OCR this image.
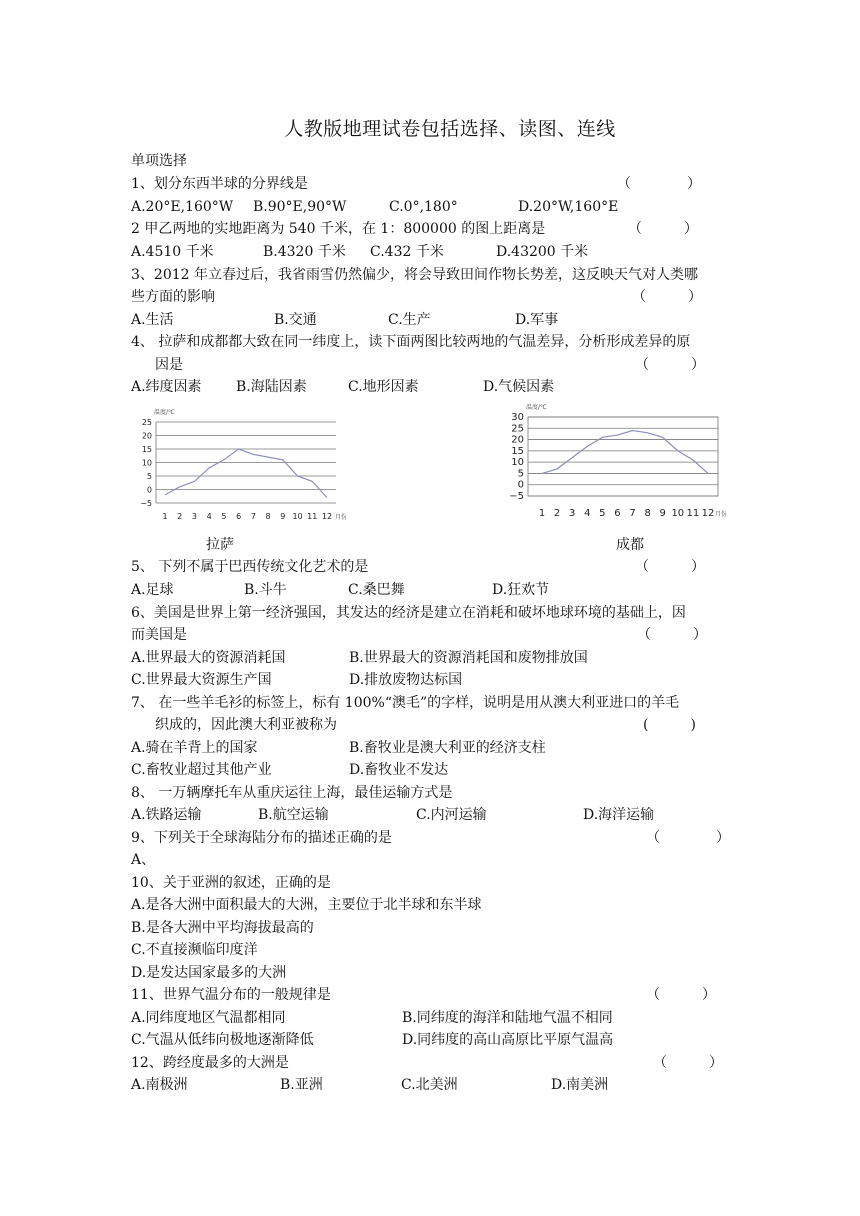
人教版地理试卷包括选择、读图、连线
单项选择
1、划分东西半球的分界线是	（　　　　）
A.20°E,160°W B.90°E,90°W	C.0°,180°	D.20°W,160°E
2 甲乙两地的实地距离为 540 千米，在 1：800000 的图上距离是	（　　　）
A.4510 千米	B.4320 千米 C.432 千米	D.43200 千米
3、2012 年立春过后，我省雨雪仍然偏少，将会导致田间作物长势差，这反映天气对人类哪
些方面的影响	（　　　）
A.生活	B.交通	C.生产	D.军事
4、 拉萨和成都都大致在同一纬度上，读下面两图比较两地的气温差异，分析形成差异的原
因是	（　　　）
A.纬度因素 B.海陆因素	C.地形因素	D.气候因素
温度/℃
25
20
15
10
5
0
−5
1 2 3 4 5 6 7 8 9 10 11 12 月份
温度/℃
30
25
20
15
10
5
0
−5
1 2 3 4 5 6 7 8 9 10 11 12 月份
拉萨	成都
5、 下列不属于巴西传统文化艺术的是	（　　　）
A.足球	B.斗牛	C.桑巴舞	D.狂欢节
6、美国是世界上第一经济强国，其发达的经济是建立在消耗和破坏地球环境的基础上，因
而美国是	（　　　）
A.世界最大的资源消耗国	B.世界最大的资源消耗国和废物排放国
C.世界最大资源生产国	D.排放废物达标国
7、 在一些羊毛衫的标签上，标有 100%“澳毛”的字样，说明是用从澳大利亚进口的羊毛
织成的，因此澳大利亚被称为	(　　　)
A.骑在羊背上的国家	B.畜牧业是澳大利亚的经济支柱
C.畜牧业超过其他产业	D.畜牧业不发达
8、 一万辆摩托车从重庆运往上海，最佳运输方式是
A.铁路运输	B.航空运输	C.内河运输	D.海洋运输
9、下列关于全球海陆分布的描述正确的是	（　　　　）
A、
10、关于亚洲的叙述，正确的是
A.是各大洲中面积最大的大洲，主要位于北半球和东半球
B.是各大洲中平均海拔最高的
C.不直接濒临印度洋
D.是发达国家最多的大洲
11、世界气温分布的一般规律是	（　　　）
A.同纬度地区气温都相同	B.同纬度的海洋和陆地气温不相同
C.气温从低纬向极地逐渐降低	D.同纬度的高山高原比平原气温高
12、跨经度最多的大洲是	（　　　）
A.南极洲	B.亚洲	C.北美洲	D.南美洲
